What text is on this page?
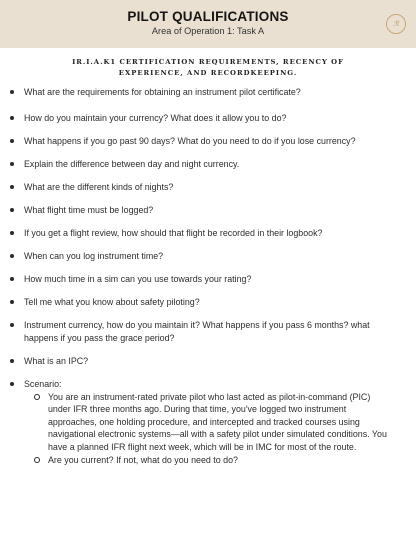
PILOT QUALIFICATIONS
Area of Operation 1: Task A
ℛ
IR.I.A.K1 CERTIFICATION REQUIREMENTS, RECENCY OF EXPERIENCE, AND RECORDKEEPING.
What are the requirements for obtaining an instrument pilot certificate?
How do you maintain your currency? What does it allow you to do?
What happens if you go past 90 days? What do you need to do if you lose currency?
Explain the difference between day and night currency.
What are the different kinds of nights?
What flight time must be logged?
If you get a flight review, how should that flight be recorded in their logbook?
When can you log instrument time?
How much time in a sim can you use towards your rating?
Tell me what you know about safety piloting?
Instrument currency, how do you maintain it? What happens if you pass 6 months? what happens if you pass the grace period?
What is an IPC?
Scenario:
You are an instrument-rated private pilot who last acted as pilot-in-command (PIC) under IFR three months ago. During that time, you've logged two instrument approaches, one holding procedure, and intercepted and tracked courses using navigational electronic systems—all with a safety pilot under simulated conditions. You have a planned IFR flight next week, which will be in IMC for most of the route.
Are you current? If not, what do you need to do?
